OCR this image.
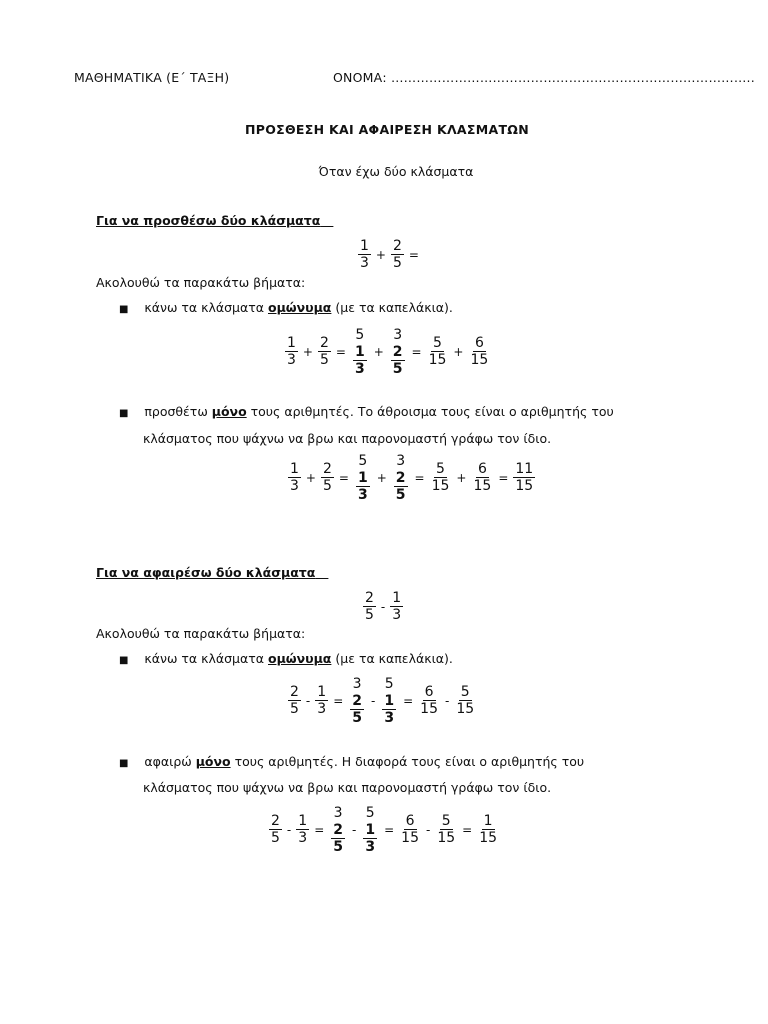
ΜΑΘΗΜΑΤΙΚΑ (Ε΄ ΤΑΞΗ)	ΟΝΟΜΑ: …………………………………………………………………………..
ΠΡΟΣΘΕΣΗ ΚΑΙ ΑΦΑΙΡΕΣΗ ΚΛΑΣΜΑΤΩΝ
Όταν έχω δύο κλάσματα
Για να προσθέσω δύο κλάσματα
1
3
+ $\frac{2}{5}$ =
Ακολουθώ τα παρακάτω βήματα:
■ κάνω τα κλάσματα ομώνυμα (με τα καπελάκια).
1
3
+ $\frac{2}{5}$ =
5
1
3
+
3
2
5
= $\frac{5}{15} + \frac{6}{15}$
■ προσθέτω μόνο τους αριθμητές. Το άθροισμα τους είναι ο αριθμητής του
κλάσματος που ψάχνω να βρω και παρονομαστή γράφω τον ίδιο.
1
3
+ $\frac{2}{5}$ =
5
1
3
+
3
2
5
= $\frac{5}{15} + \frac{6}{15} = \frac{11}{15}$
Για να αφαιρέσω δύο κλάσματα
2
5
-
1
3
Ακολουθώ τα παρακάτω βήματα:
■ κάνω τα κλάσματα ομώνυμα (με τα καπελάκια).
2
5
- $\frac{1}{3}$ =
3
2
5
-
5
1
3
= $\frac{6}{15}$ -
5
15
■ αφαιρώ μόνο τους αριθμητές. Η διαφορά τους είναι ο αριθμητής του
κλάσματος που ψάχνω να βρω και παρονομαστή γράφω τον ίδιο.
2
5
- $\frac{1}{3}$ =
3
2
5
-
5
1
3
= $\frac{6}{15} - \frac{5}{15} = \frac{1}{15}$
